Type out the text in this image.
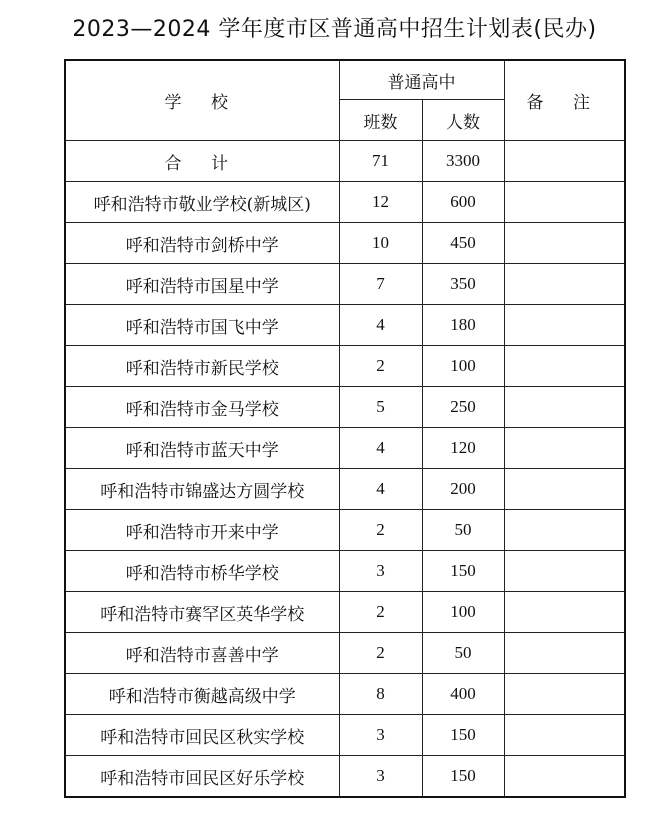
2023—2024 学年度市区普通高中招生计划表(民办)
学 校	普通高中		备 注
	班数	人数	
合 计	71	3300	
呼和浩特市敬业学校(新城区)	12	600	
呼和浩特市剑桥中学	10	450	
呼和浩特市国星中学	7	350	
呼和浩特市国飞中学	4	180	
呼和浩特市新民学校	2	100	
呼和浩特市金马学校	5	250	
呼和浩特市蓝天中学	4	120	
呼和浩特市锦盛达方圆学校	4	200	
呼和浩特市开来中学	2	50	
呼和浩特市桥华学校	3	150	
呼和浩特市赛罕区英华学校	2	100	
呼和浩特市喜善中学	2	50	
呼和浩特市衡越高级中学	8	400	
呼和浩特市回民区秋实学校	3	150	
呼和浩特市回民区好乐学校	3	150	
